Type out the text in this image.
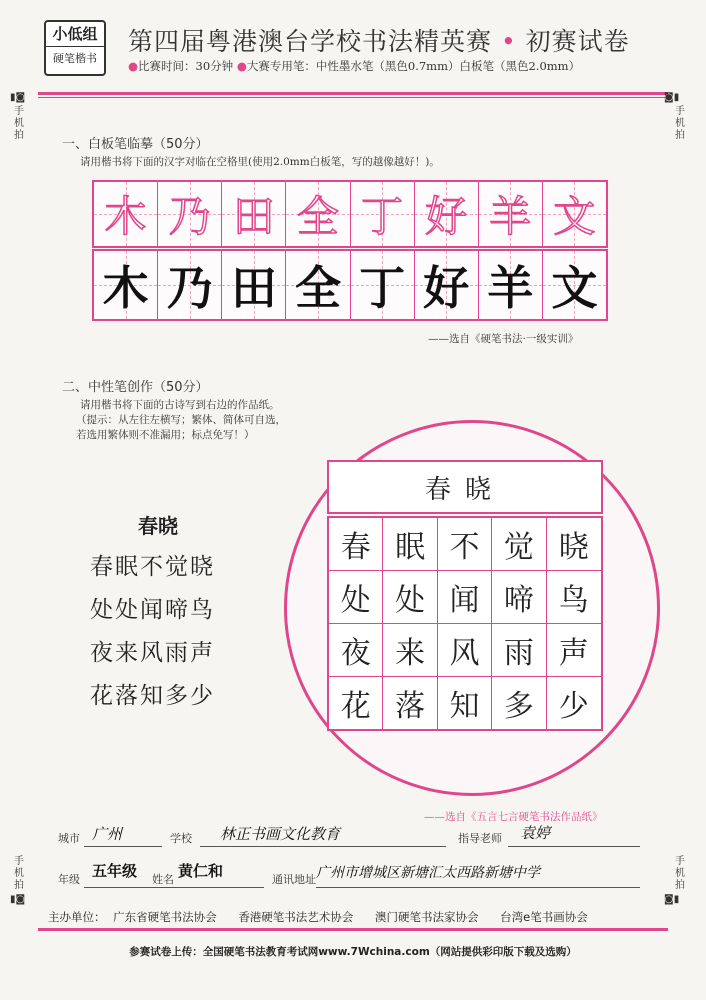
小低组
硬笔楷书
第四届粤港澳台学校书法精英赛 • 初赛试卷
●比赛时间：30分钟 ●大赛专用笔：中性墨水笔（黑色0.7mm）白板笔（黑色2.0mm）
▮◙
手机拍
◙▮
手机拍
手机拍
▮◙
手机拍
◙▮
一、白板笔临摹（50分）
请用楷书将下面的汉字对临在空格里(使用2.0mm白板笔，写的越像越好！)。
木 乃 田 全 丁 好 羊 文
木 乃 田 全 丁 好 羊 文
——选自《硬笔书法·一级实训》
二、中性笔创作（50分）
请用楷书将下面的古诗写到右边的作品纸。
（提示：从左往左横写；繁体、简体可自选，
若选用繁体则不准漏用；标点免写！）
春晓
春眠不觉晓
处处闻啼鸟
夜来风雨声
花落知多少
春晓
春 眠 不 觉 晓
处 处 闻 啼 鸟
夜 来 风 雨 声
花 落 知 多 少
——选自《五言七言硬笔书法作品纸》
城市 广州	学校 林正书画文化教育	指导老师 袁婷
年级 五年级 姓名 黄仁和	通讯地址 广州市增城区新塘汇太西路新塘中学
主办单位： 广东省硬笔书法协会 香港硬笔书法艺术协会 澳门硬笔书法家协会 台湾e笔书画协会
参赛试卷上传：全国硬笔书法教育考试网www.7Wchina.com（网站提供彩印版下载及选购）
